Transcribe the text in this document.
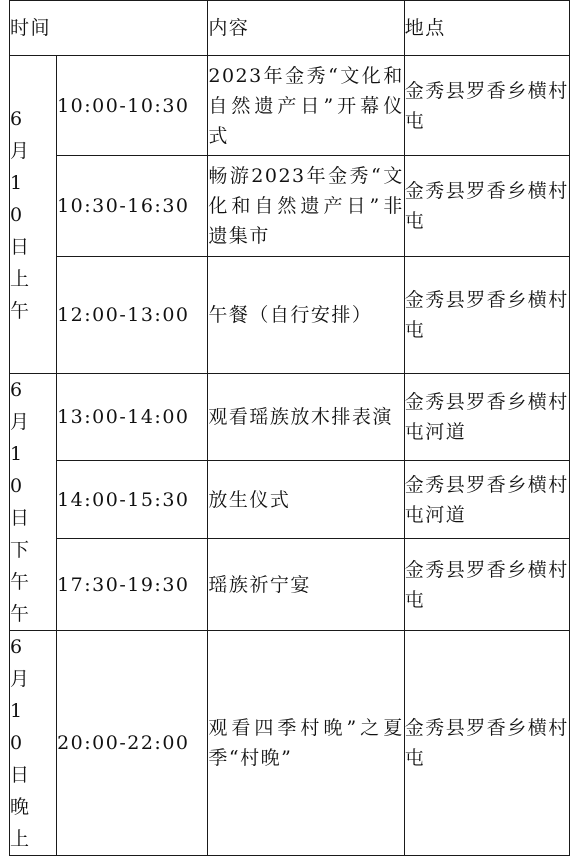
时间		内容	地点

6月10日上午	10:00-10:30	2023年金秀“文化和自然遗产日”开幕仪式	金秀县罗香乡横村屯
	10:30-16:30	畅游2023年金秀“文化和自然遗产日”非遗集市	金秀县罗香乡横村屯
	12:00-13:00	午餐（自行安排）	金秀县罗香乡横村屯

6月10日下午午	13:00-14:00	观看瑶族放木排表演	金秀县罗香乡横村屯河道
	14:00-15:30	放生仪式	金秀县罗香乡横村屯河道
	17:30-19:30	瑶族祈宁宴	金秀县罗香乡横村屯

6月10日晚上	20:00-22:00	观看四季村晚”之夏季“村晚”	金秀县罗香乡横村屯
